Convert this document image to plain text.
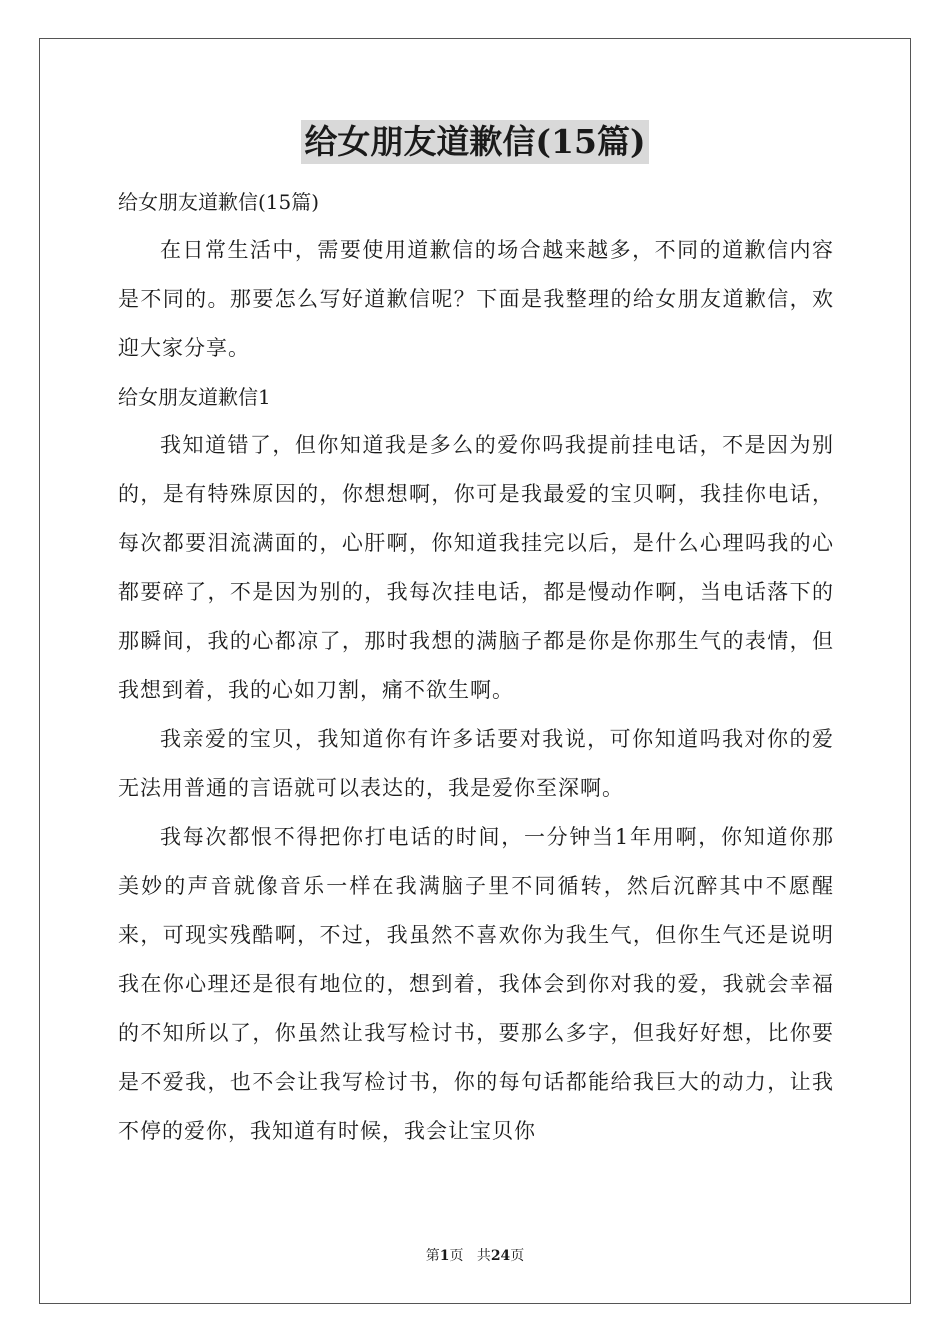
给女朋友道歉信(15篇)

给女朋友道歉信(15篇)

在日常生活中，需要使用道歉信的场合越来越多，不同的道歉信内容是不同的。那要怎么写好道歉信呢？下面是我整理的给女朋友道歉信，欢迎大家分享。

给女朋友道歉信1

我知道错了，但你知道我是多么的爱你吗我提前挂电话，不是因为别的，是有特殊原因的，你想想啊，你可是我最爱的宝贝啊，我挂你电话，每次都要泪流满面的，心肝啊，你知道我挂完以后，是什么心理吗我的心都要碎了，不是因为别的，我每次挂电话，都是慢动作啊，当电话落下的那瞬间，我的心都凉了，那时我想的满脑子都是你是你那生气的表情，但我想到着，我的心如刀割，痛不欲生啊。

我亲爱的宝贝，我知道你有许多话要对我说，可你知道吗我对你的爱无法用普通的言语就可以表达的，我是爱你至深啊。

我每次都恨不得把你打电话的时间，一分钟当1年用啊，你知道你那美妙的声音就像音乐一样在我满脑子里不同循转，然后沉醉其中不愿醒来，可现实残酷啊，不过，我虽然不喜欢你为我生气，但你生气还是说明我在你心理还是很有地位的，想到着，我体会到你对我的爱，我就会幸福的不知所以了，你虽然让我写检讨书，要那么多字，但我好好想，比你要是不爱我，也不会让我写检讨书，你的每句话都能给我巨大的动力，让我不停的爱你，我知道有时候，我会让宝贝你

第1页 共24页
